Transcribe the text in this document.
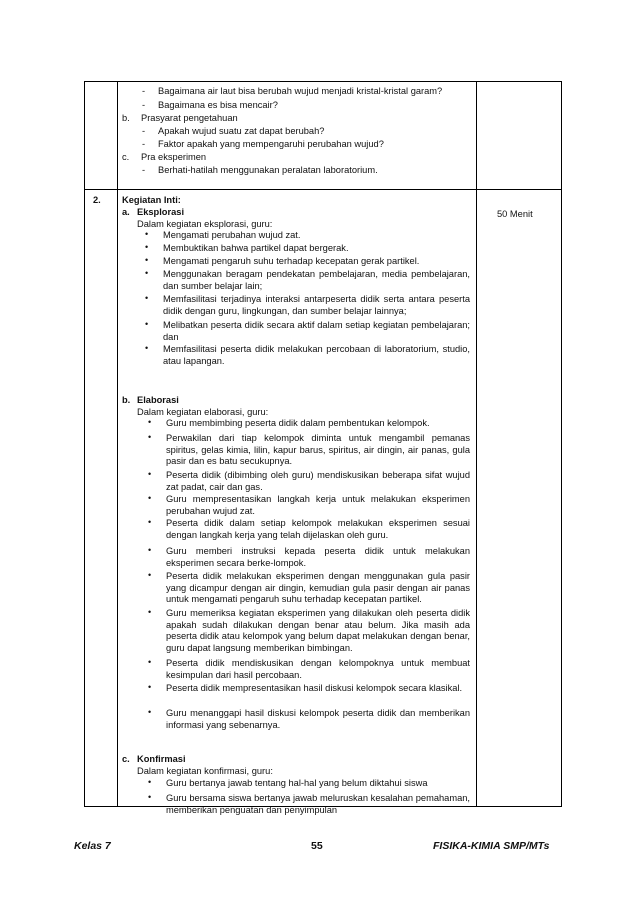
- Bagaimana air laut bisa berubah wujud menjadi kristal-kristal garam?
- Bagaimana es bisa mencair?
b. Prasyarat pengetahuan
- Apakah wujud suatu zat dapat berubah?
- Faktor apakah yang mempengaruhi perubahan wujud?
c. Pra eksperimen
- Berhati-hatilah menggunakan peralatan laboratorium.
2. Kegiatan Inti:
50 Menit
a. Eksplorasi
Dalam kegiatan eksplorasi, guru:
• Mengamati perubahan wujud zat.
• Membuktikan bahwa partikel dapat bergerak.
• Mengamati pengaruh suhu terhadap kecepatan gerak partikel.
• Menggunakan beragam pendekatan pembelajaran, media pembelajaran, dan sumber belajar lain;
• Memfasilitasi terjadinya interaksi antarpeserta didik serta antara peserta didik dengan guru, lingkungan, dan sumber belajar lainnya;
• Melibatkan peserta didik secara aktif dalam setiap kegiatan pembelajaran; dan
• Memfasilitasi peserta didik melakukan percobaan di laboratorium, studio, atau lapangan.
b. Elaborasi
Dalam kegiatan elaborasi, guru:
• Guru membimbing peserta didik dalam pembentukan kelompok.
• Perwakilan dari tiap kelompok diminta untuk mengambil pemanas spiritus, gelas kimia, lilin, kapur barus, spiritus, air dingin, air panas, gula pasir dan es batu secukupnya.
• Peserta didik (dibimbing oleh guru) mendiskusikan beberapa sifat wujud zat padat, cair dan gas.
• Guru mempresentasikan langkah kerja untuk melakukan eksperimen perubahan wujud zat.
• Peserta didik dalam setiap kelompok melakukan eksperimen sesuai dengan langkah kerja yang telah dijelaskan oleh guru.
• Guru memberi instruksi kepada peserta didik untuk melakukan eksperimen secara berke-lompok.
• Peserta didik melakukan eksperimen dengan menggunakan gula pasir yang dicampur dengan air dingin, kemudian gula pasir dengan air panas untuk mengamati pengaruh suhu terhadap kecepatan partikel.
• Guru memeriksa kegiatan eksperimen yang dilakukan oleh peserta didik apakah sudah dilakukan dengan benar atau belum. Jika masih ada peserta didik atau kelompok yang belum dapat melakukan dengan benar, guru dapat langsung memberikan bimbingan.
• Peserta didik mendiskusikan dengan kelompoknya untuk membuat kesimpulan dari hasil percobaan.
• Peserta didik mempresentasikan hasil diskusi kelompok secara klasikal.
• Guru menanggapi hasil diskusi kelompok peserta didik dan memberikan informasi yang sebenarnya.
c. Konfirmasi
Dalam kegiatan konfirmasi, guru:
• Guru bertanya jawab tentang hal-hal yang belum diktahui siswa
• Guru bersama siswa bertanya jawab meluruskan kesalahan pemahaman, memberikan penguatan dan penyimpulan
Kelas 7	55	FISIKA-KIMIA SMP/MTs
